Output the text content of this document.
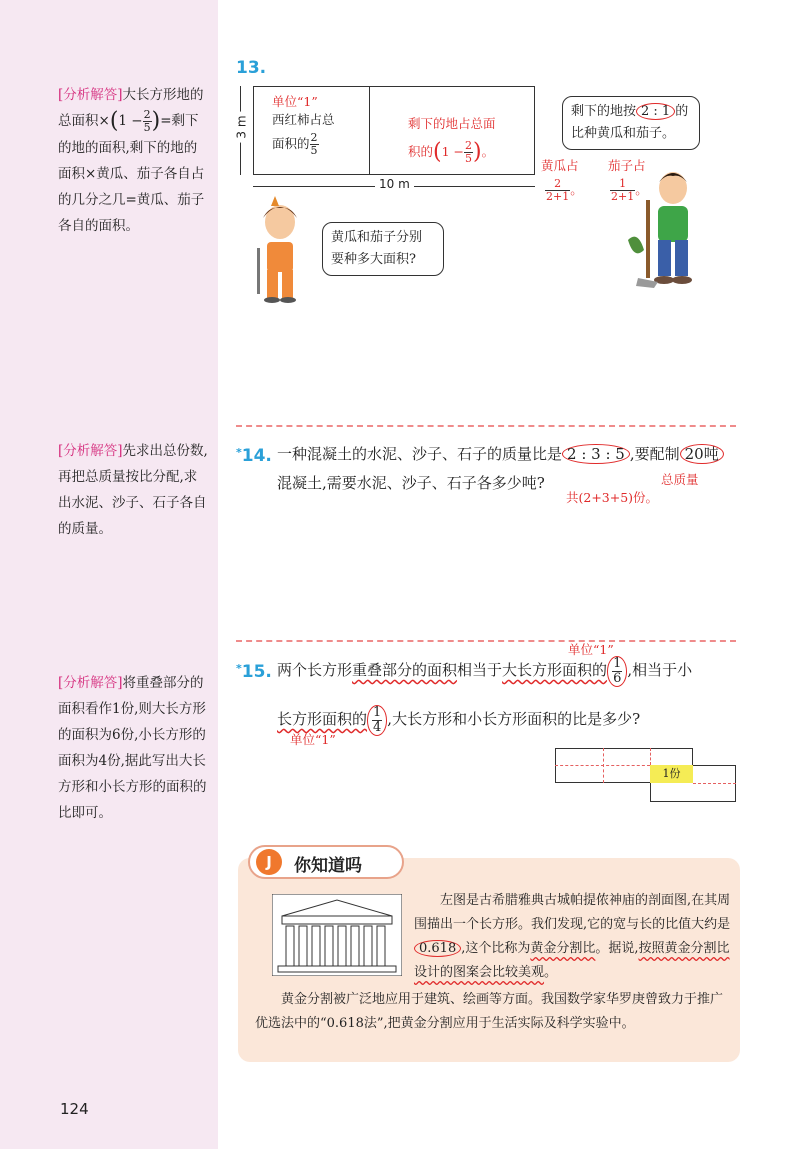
[分析解答]大长方形地的总面积$\times(1 - \frac{2}{5}$ )=剩下的地的面积,剩下的地的面积×黄瓜、茄子各自占的几分之几=黄瓜、茄子各自的面积。
[分析解答]先求出总份数,再把总质量按比分配,求出水泥、沙子、石子各自的质量。
[分析解答]将重叠部分的面积看作1份,则大长方形的面积为6份,小长方形的面积为4份,据此写出大长方形和小长方形的面积的比即可。
13.
3 m
单位“1”
西红柿占总
面积的 $\frac{2}{5}$
剩下的地占总面
积的($1 - \frac{2}{5}$ )。
10 m
剩下的地按 2 : 1 的
比种黄瓜和茄子。
黄瓜占
$\frac{2}{2+1}$ 。
茄子占
$\frac{1}{2+1}$ 。
黄瓜和茄子分别
要种多大面积?
*14. 一种混凝土的水泥、沙子、石子的质量比是 2 : 3 : 5 ,要配制 20吨
混凝土,需要水泥、沙子、石子各多少吨?	总质量
共(2+3+5)份。
单位“1”
*15. 两个长方形重叠部分的面积相当于大长方形面积的 $\frac{1}{6}$ ,相当于小
长方形面积的 $\frac{1}{4}$ ,大长方形和小长方形面积的比是多少?
单位“1”
1份
J	你知道吗
左图是古希腊雅典古城帕提侬神庙的剖面图,在其周围描出一个长方形。我们发现,它的宽与长的比值大约是0.618 ,这个比称为黄金分割比。据说,按照黄金分割比设计的图案会比较美观。
黄金分割被广泛地应用于建筑、绘画等方面。我国数学家华罗庚曾致力于推广优选法中的“0.618法”,把黄金分割应用于生活实际及科学实验中。
124
